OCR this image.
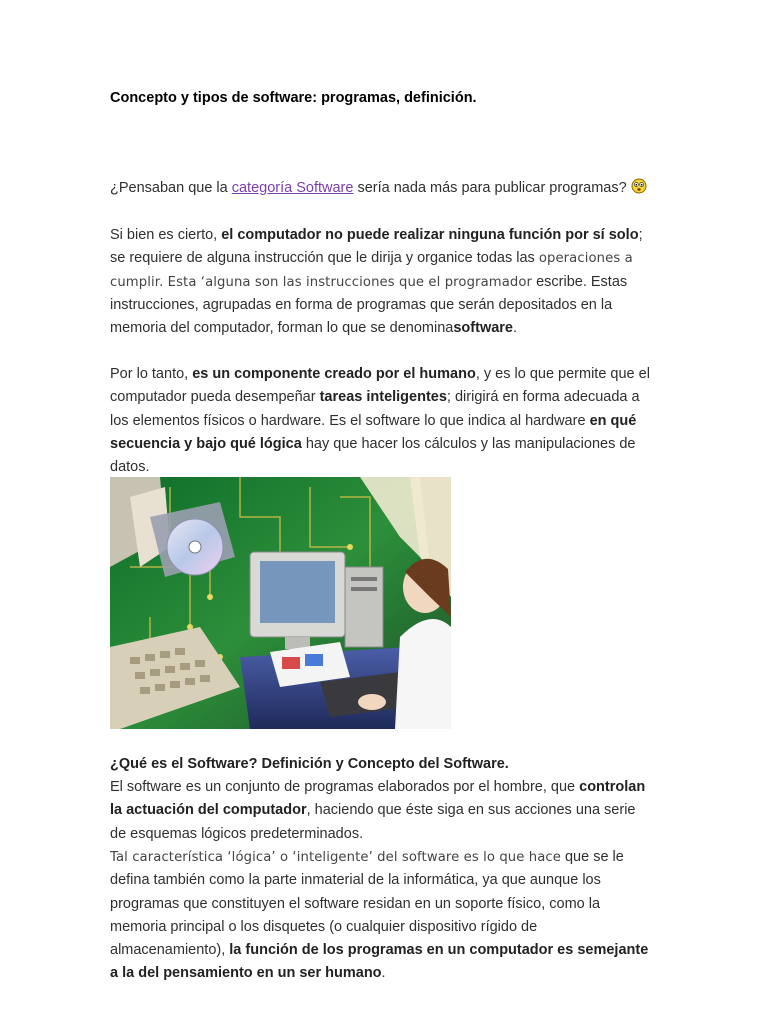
Concepto y tipos de software: programas, definición.

¿Pensaban que la categoría Software sería nada más para publicar programas?

Si bien es cierto, el computador no puede realizar ninguna función por sí solo; se requiere de alguna instrucción que le dirija y organice todas las operaciones a cumplir. Esta ‘alguna son las instrucciones que el programador escribe. Estas instrucciones, agrupadas en forma de programas que serán depositados en la memoria del computador, forman lo que se denominasoftware.

Por lo tanto, es un componente creado por el humano, y es lo que permite que el computador pueda desempeñar tareas inteligentes; dirigirá en forma adecuada a los elementos físicos o hardware. Es el software lo que indica al hardware en qué secuencia y bajo qué lógica hay que hacer los cálculos y las manipulaciones de datos.

¿Qué es el Software? Definición y Concepto del Software.

El software es un conjunto de programas elaborados por el hombre, que controlan la actuación del computador, haciendo que éste siga en sus acciones una serie de esquemas lógicos predeterminados.

Tal característica ‘lógica’ o ‘inteligente’ del software es lo que hace que se le defina también como la parte inmaterial de la informática, ya que aunque los programas que constituyen el software residan en un soporte físico, como la memoria principal o los disquetes (o cualquier dispositivo rígido de almacenamiento), la función de los programas en un computador es semejante a la del pensamiento en un ser humano.
